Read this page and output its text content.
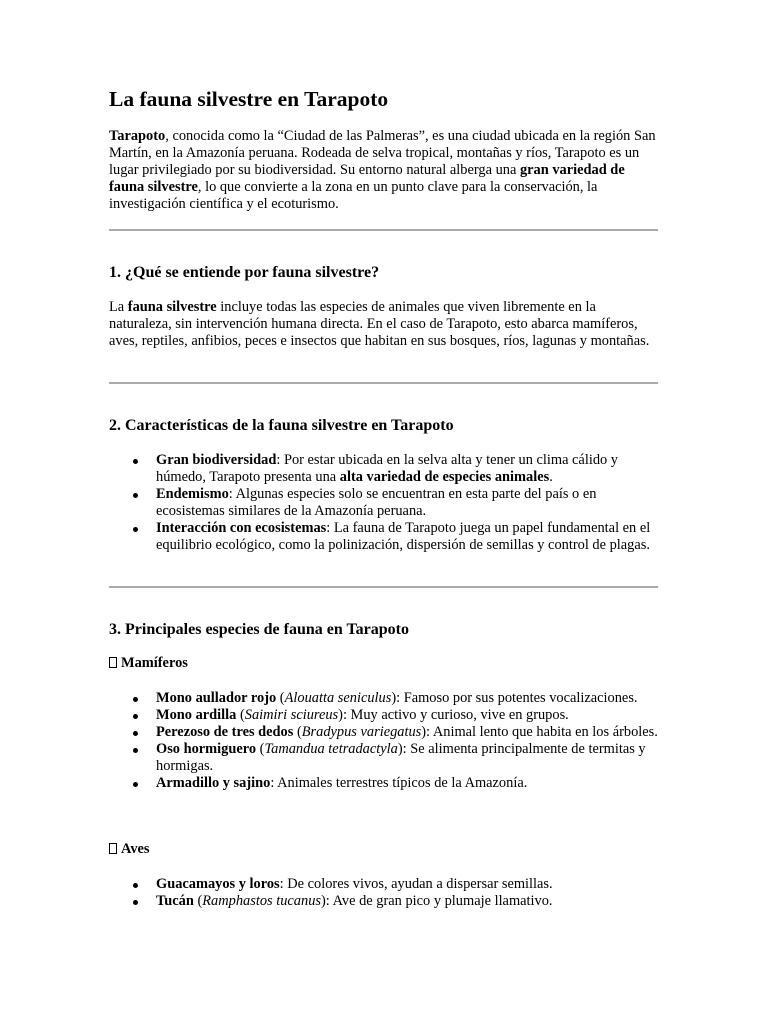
La fauna silvestre en Tarapoto

Tarapoto, conocida como la “Ciudad de las Palmeras”, es una ciudad ubicada en la región San Martín, en la Amazonía peruana. Rodeada de selva tropical, montañas y ríos, Tarapoto es un lugar privilegiado por su biodiversidad. Su entorno natural alberga una gran variedad de fauna silvestre, lo que convierte a la zona en un punto clave para la conservación, la investigación científica y el ecoturismo.

1. ¿Qué se entiende por fauna silvestre?

La fauna silvestre incluye todas las especies de animales que viven libremente en la naturaleza, sin intervención humana directa. En el caso de Tarapoto, esto abarca mamíferos, aves, reptiles, anfibios, peces e insectos que habitan en sus bosques, ríos, lagunas y montañas.

2. Características de la fauna silvestre en Tarapoto
Gran biodiversidad: Por estar ubicada en la selva alta y tener un clima cálido y húmedo, Tarapoto presenta una alta variedad de especies animales.
Endemismo: Algunas especies solo se encuentran en esta parte del país o en ecosistemas similares de la Amazonía peruana.
Interacción con ecosistemas: La fauna de Tarapoto juega un papel fundamental en el equilibrio ecológico, como la polinización, dispersión de semillas y control de plagas.
3. Principales especies de fauna en Tarapoto
Mamíferos
Mono aullador rojo (Alouatta seniculus): Famoso por sus potentes vocalizaciones.
Mono ardilla (Saimiri sciureus): Muy activo y curioso, vive en grupos.
Perezoso de tres dedos (Bradypus variegatus): Animal lento que habita en los árboles.
Oso hormiguero (Tamandua tetradactyla): Se alimenta principalmente de termitas y hormigas.
Armadillo y sajino: Animales terrestres típicos de la Amazonía.
Aves
Guacamayos y loros: De colores vivos, ayudan a dispersar semillas.
Tucán (Ramphastos tucanus): Ave de gran pico y plumaje llamativo.
